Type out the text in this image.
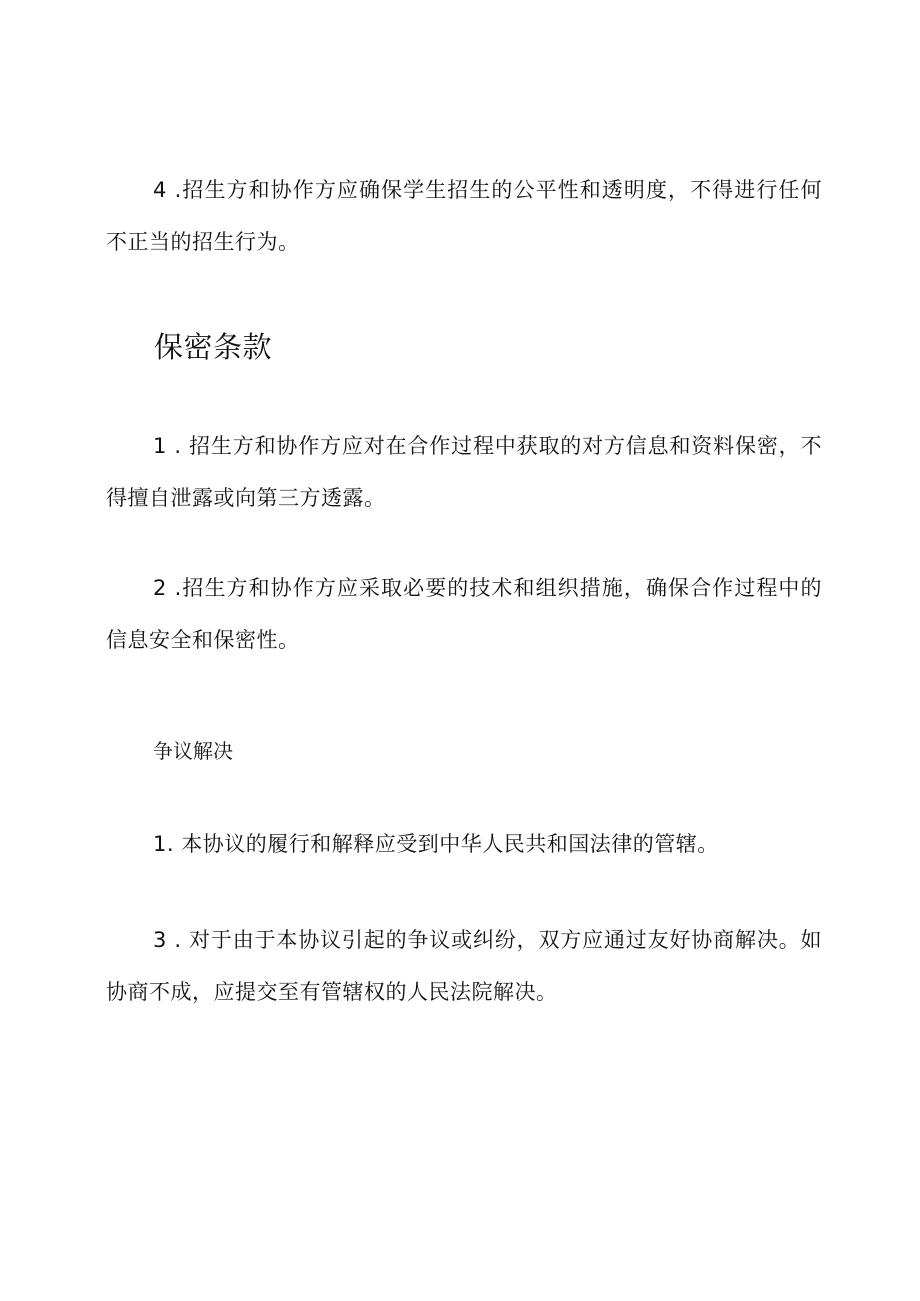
4 .招生方和协作方应确保学生招生的公平性和透明度，不得进行任何不正当的招生行为。

保密条款

1 . 招生方和协作方应对在合作过程中获取的对方信息和资料保密，不得擅自泄露或向第三方透露。

2 .招生方和协作方应采取必要的技术和组织措施，确保合作过程中的信息安全和保密性。

争议解决

1. 本协议的履行和解释应受到中华人民共和国法律的管辖。

3 . 对于由于本协议引起的争议或纠纷，双方应通过友好协商解决。如协商不成，应提交至有管辖权的人民法院解决。
